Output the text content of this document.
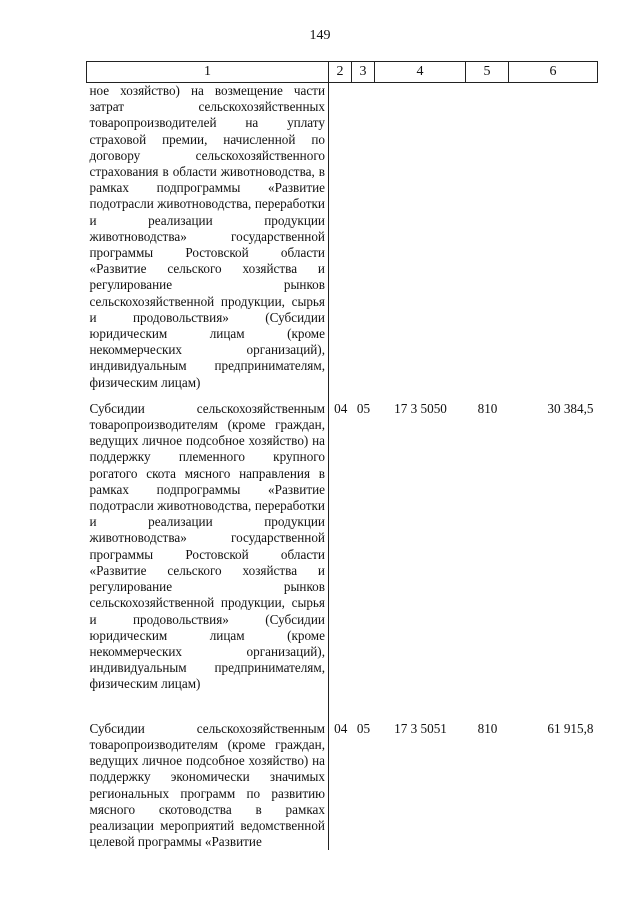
149
1	2	3	4	5	6
ное хозяйство) на возмещение части затрат сельскохозяйственных товаропроизводителей на уплату страховой премии, начисленной по договору сельскохозяйственного страхования в области животноводства, в рамках подпрограммы «Развитие подотрасли животноводства, переработки и реализации продукции животноводства» государственной программы Ростовской области «Развитие сельского хозяйства и регулирование рынков сельскохозяйственной продукции, сырья и продовольствия» (Субсидии юридическим лицам (кроме некоммерческих организаций), индивидуальным предпринимателям, физическим лицам)					
Субсидии сельскохозяйственным товаропроизводителям (кроме граждан, ведущих личное подсобное хозяйство) на поддержку племенного крупного рогатого скота мясного направления в рамках подпрограммы «Развитие подотрасли животноводства, переработки и реализации продукции животноводства» государственной программы Ростовской области «Развитие сельского хозяйства и регулирование рынков сельскохозяйственной продукции, сырья и продовольствия» (Субсидии юридическим лицам (кроме некоммерческих организаций), индивидуальным предпринимателям, физическим лицам)	04	05	17 3 5050	810	30 384,5
Субсидии сельскохозяйственным товаропроизводителям (кроме граждан, ведущих личное подсобное хозяйство) на поддержку экономически значимых региональных программ по развитию мясного скотоводства в рамках реализации мероприятий ведомственной целевой программы «Развитие	04	05	17 3 5051	810	61 915,8
